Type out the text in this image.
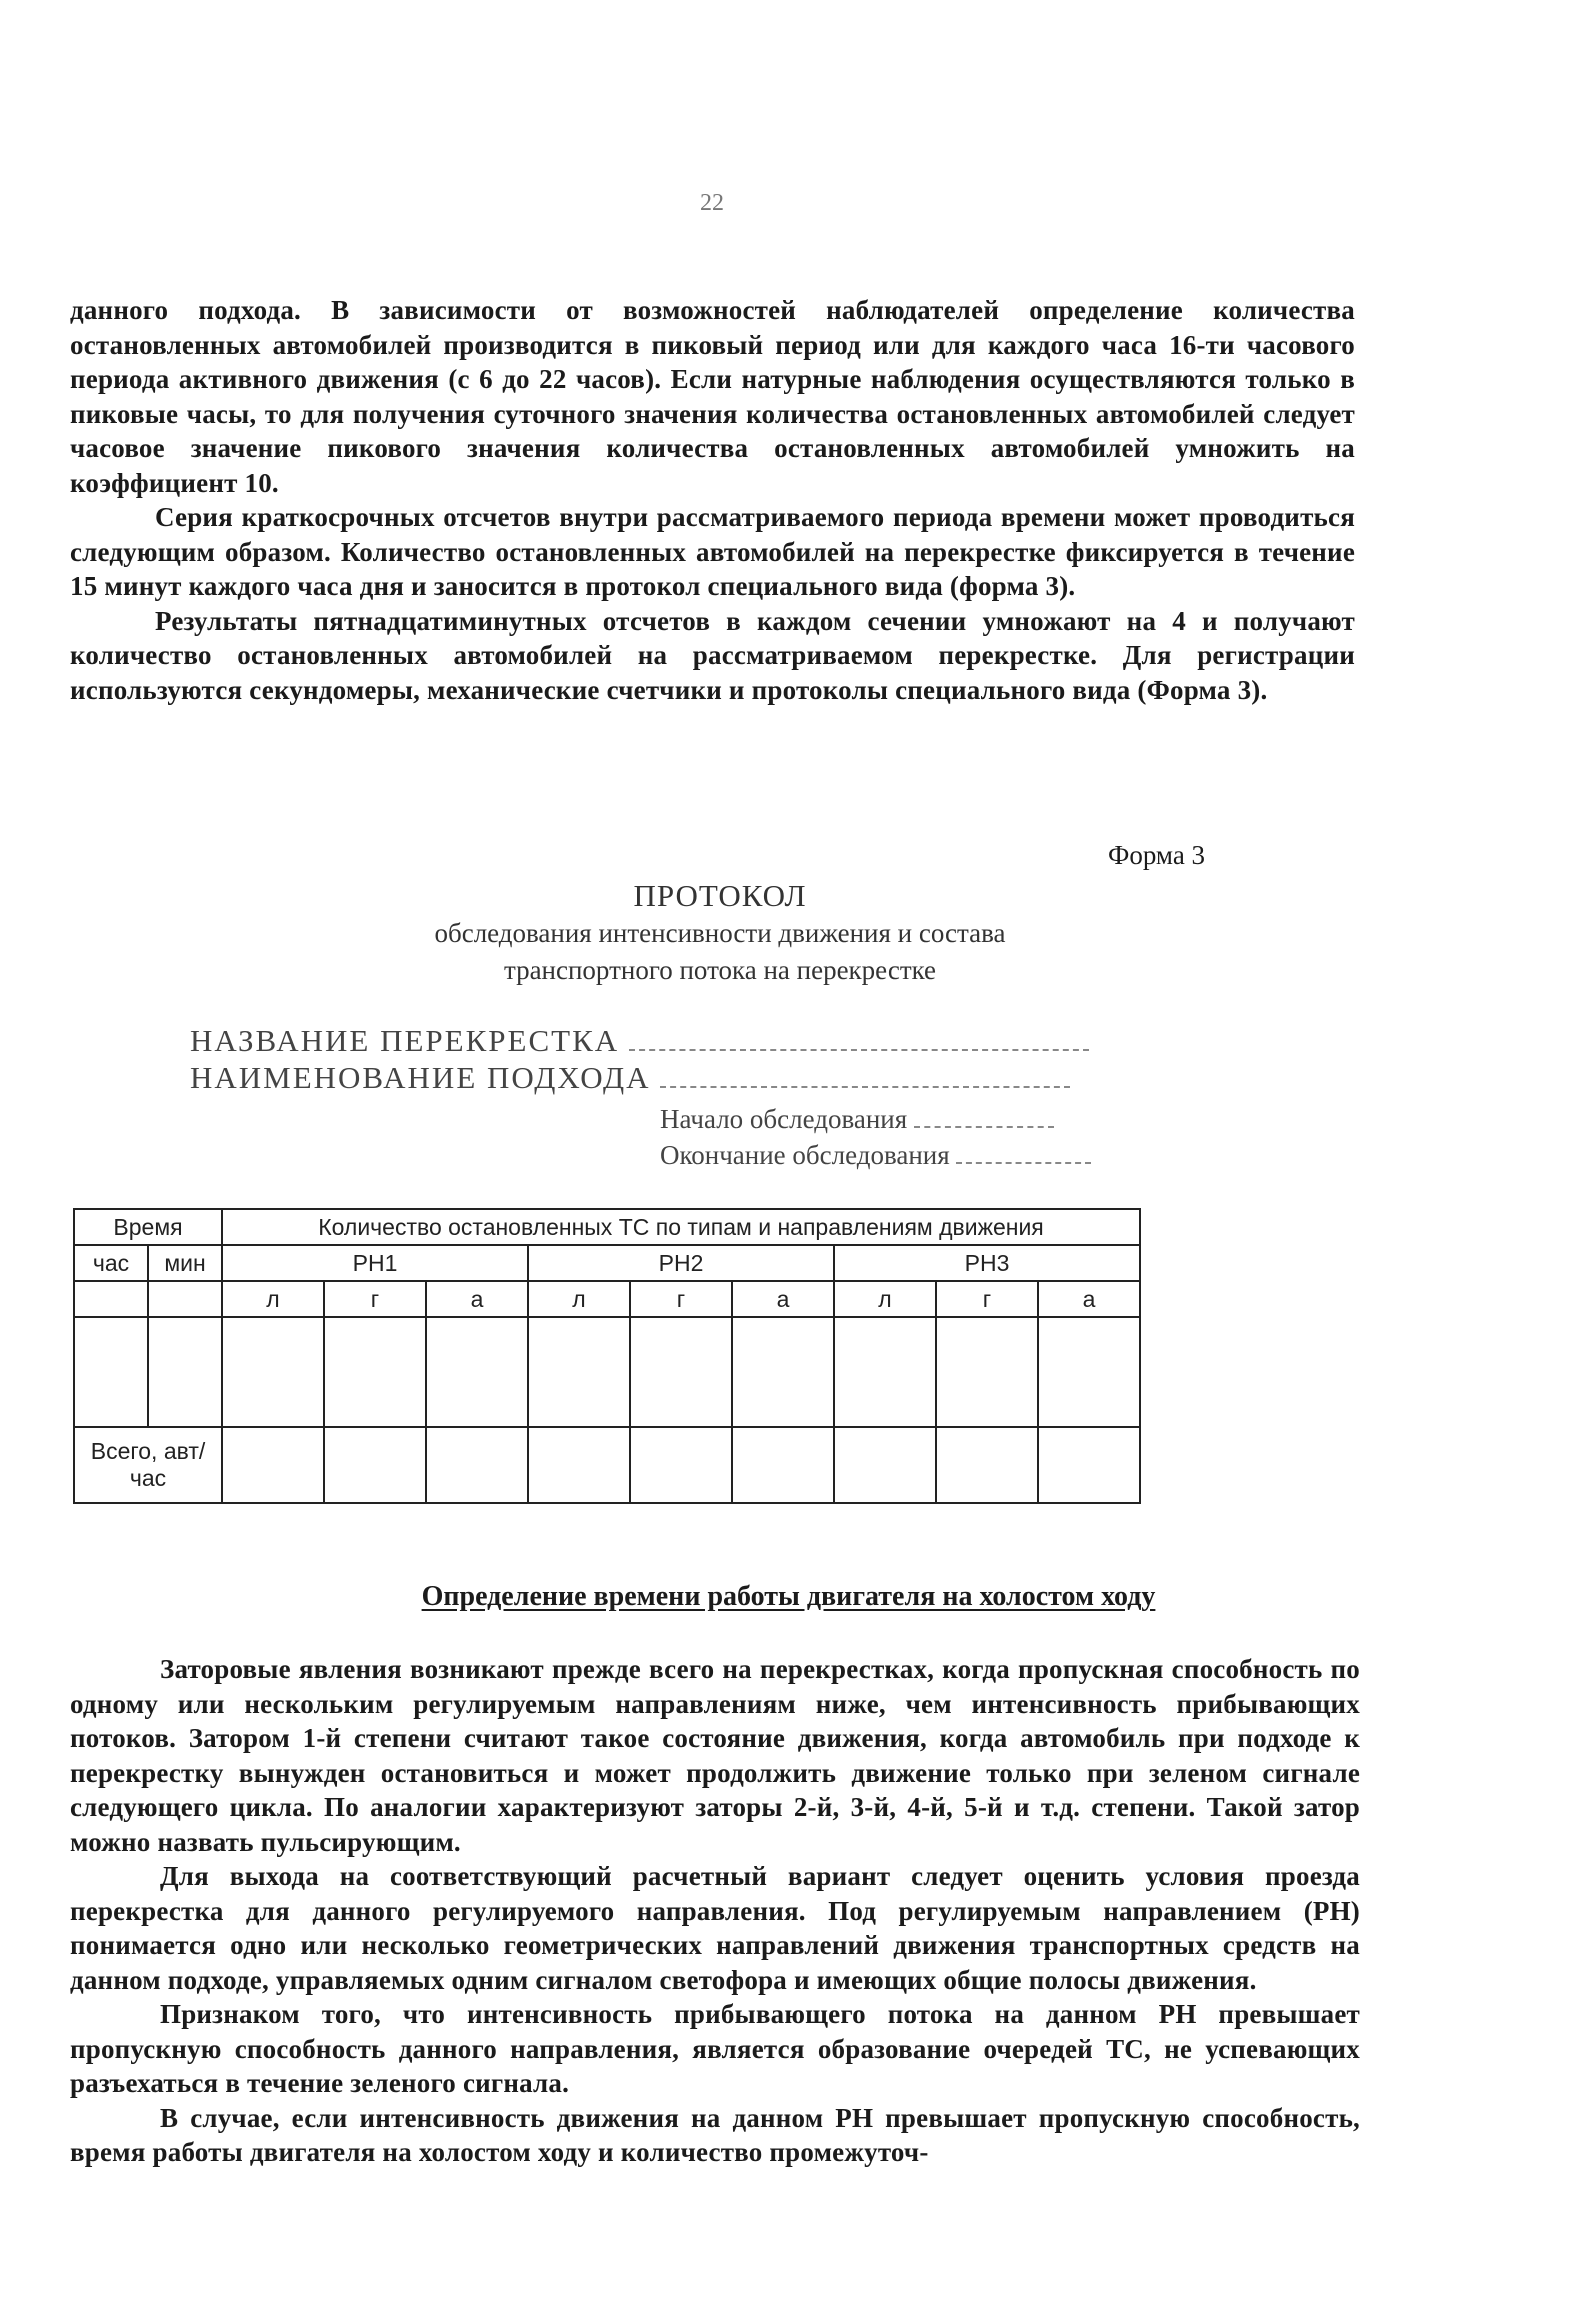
22

данного подхода. В зависимости от возможностей наблюдателей определение количества остановленных автомобилей производится в пиковый период или для каждого часа 16-ти часового периода активного движения (с 6 до 22 часов). Если натурные наблюдения осуществляются только в пиковые часы, то для получения суточного значения количества остановленных автомобилей следует часовое значение пикового значения количества остановленных автомобилей умножить на коэффициент 10.

Серия краткосрочных отсчетов внутри рассматриваемого периода времени может проводиться следующим образом. Количество остановленных автомобилей на перекрестке фиксируется в течение 15 минут каждого часа дня и заносится в протокол специального вида (форма 3).

Результаты пятнадцатиминутных отсчетов в каждом сечении умножают на 4 и получают количество остановленных автомобилей на рассматриваемом перекрестке. Для регистрации используются секундомеры, механические счетчики и протоколы специального вида (Форма 3).

Форма 3
ПРОТОКОЛ
обследования интенсивности движения и состава
транспортного потока на перекрестке
НАЗВАНИЕ ПЕРЕКРЕСТКА
НАИМЕНОВАНИЕ ПОДХОДА
Начало обследования
Окончание обследования
Время		Количество остановленных ТС по типам и направлениям движения								
час	мин	РН1			РН2			РН3		
		л	г	а	л	г	а	л	г	а

Всего, авт/час										
Определение времени работы двигателя на холостом ходу

Заторовые явления возникают прежде всего на перекрестках, когда пропускная способность по одному или нескольким регулируемым направлениям ниже, чем интенсивность прибывающих потоков. Затором 1-й степени считают такое состояние движения, когда автомобиль при подходе к перекрестку вынужден остановиться и может продолжить движение только при зеленом сигнале следующего цикла. По аналогии характеризуют заторы 2-й, 3-й, 4-й, 5-й и т.д. степени. Такой затор можно назвать пульсирующим.

Для выхода на соответствующий расчетный вариант следует оценить условия проезда перекрестка для данного регулируемого направления. Под регулируемым направлением (РН) понимается одно или несколько геометрических направлений движения транспортных средств на данном подходе, управляемых одним сигналом светофора и имеющих общие полосы движения.

Признаком того, что интенсивность прибывающего потока на данном РН превышает пропускную способность данного направления, является образование очередей ТС, не успевающих разъехаться в течение зеленого сигнала.

В случае, если интенсивность движения на данном РН превышает пропускную способность, время работы двигателя на холостом ходу и количество промежуточ-
